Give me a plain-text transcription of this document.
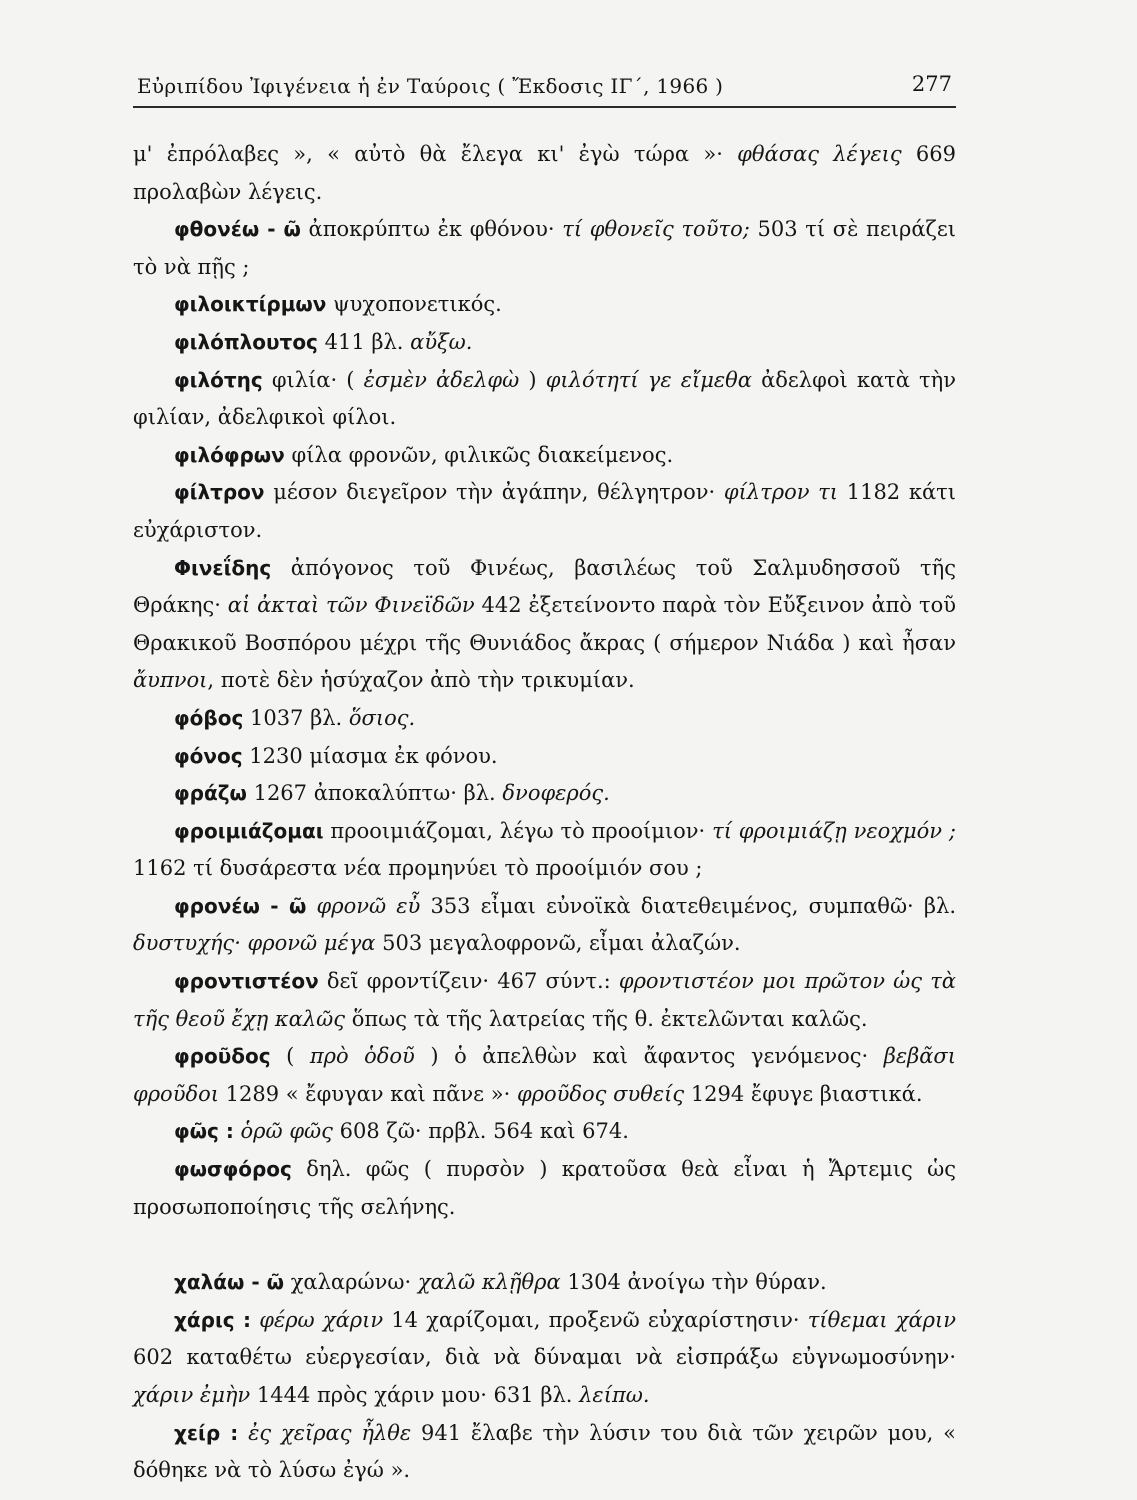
Εὐριπίδου Ἰφιγένεια ἡ ἐν Ταύροις ( Ἔκδοσις ΙΓ΄, 1966 )	277

μ' ἐπρόλαβες », « αὐτὸ θὰ ἔλεγα κι' ἐγὼ τώρα »· φθάσας λέγεις 669 προλαβὼν λέγεις.

φθονέω - ῶ ἀποκρύπτω ἐκ φθόνου· τί φθονεῖς τοῦτο; 503 τί σὲ πειράζει τὸ νὰ πῇς ;

φιλοικτίρμων ψυχοπονετικός.

φιλόπλουτος 411 βλ. αὔξω.

φιλότης φιλία· ( ἐσμὲν ἀδελφὼ ) φιλότητί γε εἴμεθα ἀδελφοὶ κατὰ τὴν φιλίαν, ἀδελφικοὶ φίλοι.

φιλόφρων φίλα φρονῶν, φιλικῶς διακείμενος.

φίλτρον μέσον διεγεῖρον τὴν ἀγάπην, θέλγητρον· φίλτρον τι 1182 κάτι εὐχάριστον.

Φινεΐδης ἀπόγονος τοῦ Φινέως, βασιλέως τοῦ Σαλμυδησσοῦ τῆς Θράκης· αἱ ἀκταὶ τῶν Φινεϊδῶν 442 ἐξετείνοντο παρὰ τὸν Εὔξεινον ἀπὸ τοῦ Θρακικοῦ Βοσπόρου μέχρι τῆς Θυνιάδος ἄκρας ( σήμερον Νιάδα ) καὶ ἦσαν ἄυπνοι, ποτὲ δὲν ἡσύχαζον ἀπὸ τὴν τρικυμίαν.

φόβος 1037 βλ. ὅσιος.

φόνος 1230 μίασμα ἐκ φόνου.

φράζω 1267 ἀποκαλύπτω· βλ. δνοφερός.

φροιμιάζομαι προοιμιάζομαι, λέγω τὸ προοίμιον· τί φροιμιάζῃ νεοχμόν ; 1162 τί δυσάρεστα νέα προμηνύει τὸ προοίμιόν σου ;

φρονέω - ῶ φρονῶ εὖ 353 εἶμαι εὐνοϊκὰ διατεθειμένος, συμπαθῶ· βλ. δυστυχής· φρονῶ μέγα 503 μεγαλοφρονῶ, εἶμαι ἀλαζών.

φροντιστέον δεῖ φροντίζειν· 467 σύντ.: φροντιστέον μοι πρῶτον ὡς τὰ τῆς θεοῦ ἔχῃ καλῶς ὅπως τὰ τῆς λατρείας τῆς θ. ἐκτελῶνται καλῶς.

φροῦδος ( πρὸ ὁδοῦ ) ὁ ἀπελθὼν καὶ ἄφαντος γενόμενος· βεβᾶσι φροῦδοι 1289 « ἔφυγαν καὶ πᾶνε »· φροῦδος συθείς 1294 ἔφυγε βιαστικά.

φῶς : ὁρῶ φῶς 608 ζῶ· πρβλ. 564 καὶ 674.

φωσφόρος δηλ. φῶς ( πυρσὸν ) κρατοῦσα θεὰ εἶναι ἡ Ἄρτεμις ὡς προσωποποίησις τῆς σελήνης.

χαλάω - ῶ χαλαρώνω· χαλῶ κλῇθρα 1304 ἀνοίγω τὴν θύραν.

χάρις : φέρω χάριν 14 χαρίζομαι, προξενῶ εὐχαρίστησιν· τίθεμαι χάριν 602 καταθέτω εὐεργεσίαν, διὰ νὰ δύναμαι νὰ εἰσπράξω εὐγνωμοσύνην· χάριν ἐμὴν 1444 πρὸς χάριν μου· 631 βλ. λείπω.

χείρ : ἐς χεῖρας ἦλθε 941 ἔλαβε τὴν λύσιν του διὰ τῶν χειρῶν μου, « δόθηκε νὰ τὸ λύσω ἐγώ ».
